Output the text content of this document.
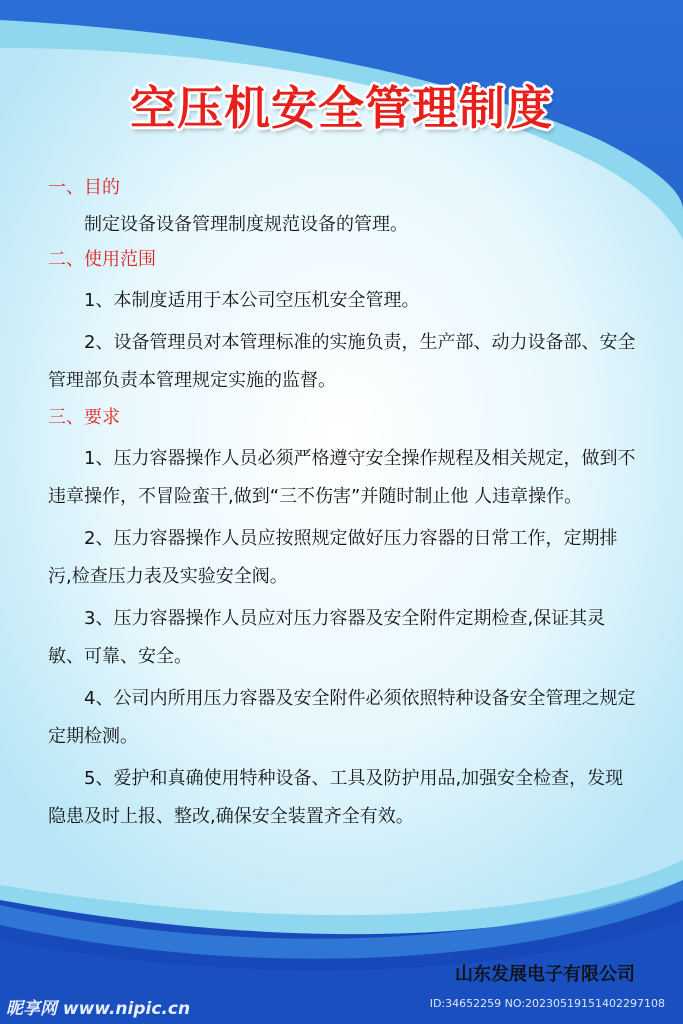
空压机安全管理制度
一、目的

制定设备设备管理制度规范设备的管理。

二、使用范围

1、本制度适用于本公司空压机安全管理。

2、设备管理员对本管理标准的实施负责，生产部、动力设备部、安全管理部负责本管理规定实施的监督。

三、要求

1、压力容器操作人员必须严格遵守安全操作规程及相关规定，做到不违章操作，不冒险蛮干,做到“三不伤害”并随时制止他 人违章操作。

2、压力容器操作人员应按照规定做好压力容器的日常工作，定期排污,检查压力表及实验安全阀。

3、压力容器操作人员应对压力容器及安全附件定期检查,保证其灵敏、可靠、安全。

4、公司内所用压力容器及安全附件必须依照特种设备安全管理之规定定期检测。

5、爱护和真确使用特种设备、工具及防护用品,加强安全检查，发现隐患及时上报、整改,确保安全装置齐全有效。

山东发展电子有限公司
昵享网 www.nipic.cn	ID:34652259 NO:20230519151402297108
